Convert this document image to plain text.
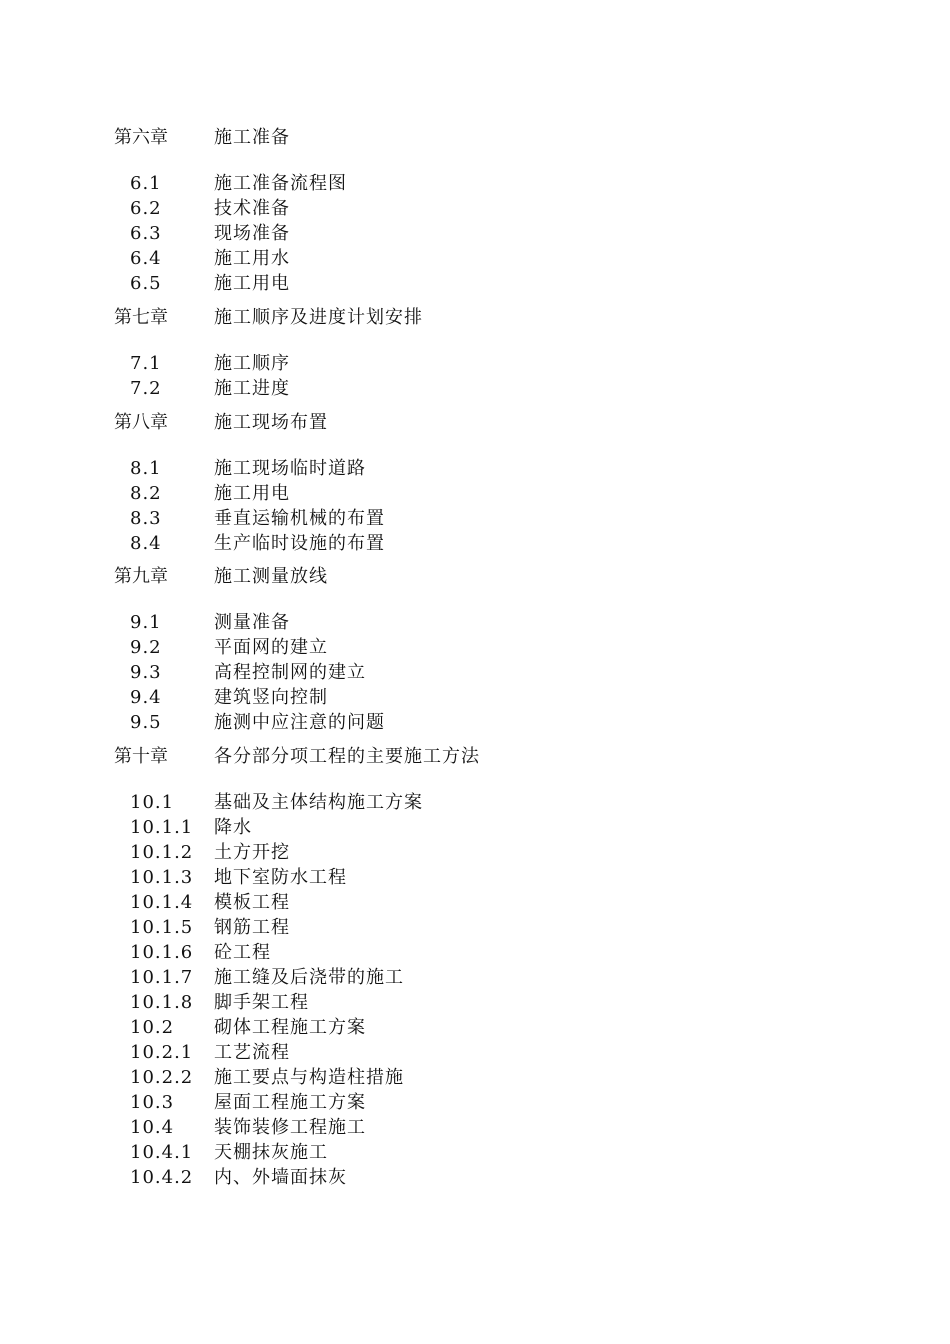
第六章	施工准备
6.1	施工准备流程图
6.2	技术准备
6.3	现场准备
6.4	施工用水
6.5	施工用电
第七章	施工顺序及进度计划安排
7.1	施工顺序
7.2	施工进度
第八章	施工现场布置
8.1	施工现场临时道路
8.2	施工用电
8.3	垂直运输机械的布置
8.4	生产临时设施的布置
第九章	施工测量放线
9.1	测量准备
9.2	平面网的建立
9.3	高程控制网的建立
9.4	建筑竖向控制
9.5	施测中应注意的问题
第十章	各分部分项工程的主要施工方法
10.1 基础及主体结构施工方案
10.1.1 降水
10.1.2 土方开挖
10.1.3 地下室防水工程
10.1.4 模板工程
10.1.5 钢筋工程
10.1.6 砼工程
10.1.7 施工缝及后浇带的施工
10.1.8 脚手架工程
10.2 砌体工程施工方案
10.2.1 工艺流程
10.2.2 施工要点与构造柱措施
10.3 屋面工程施工方案
10.4 装饰装修工程施工
10.4.1 天棚抹灰施工
10.4.2 内、外墙面抹灰
